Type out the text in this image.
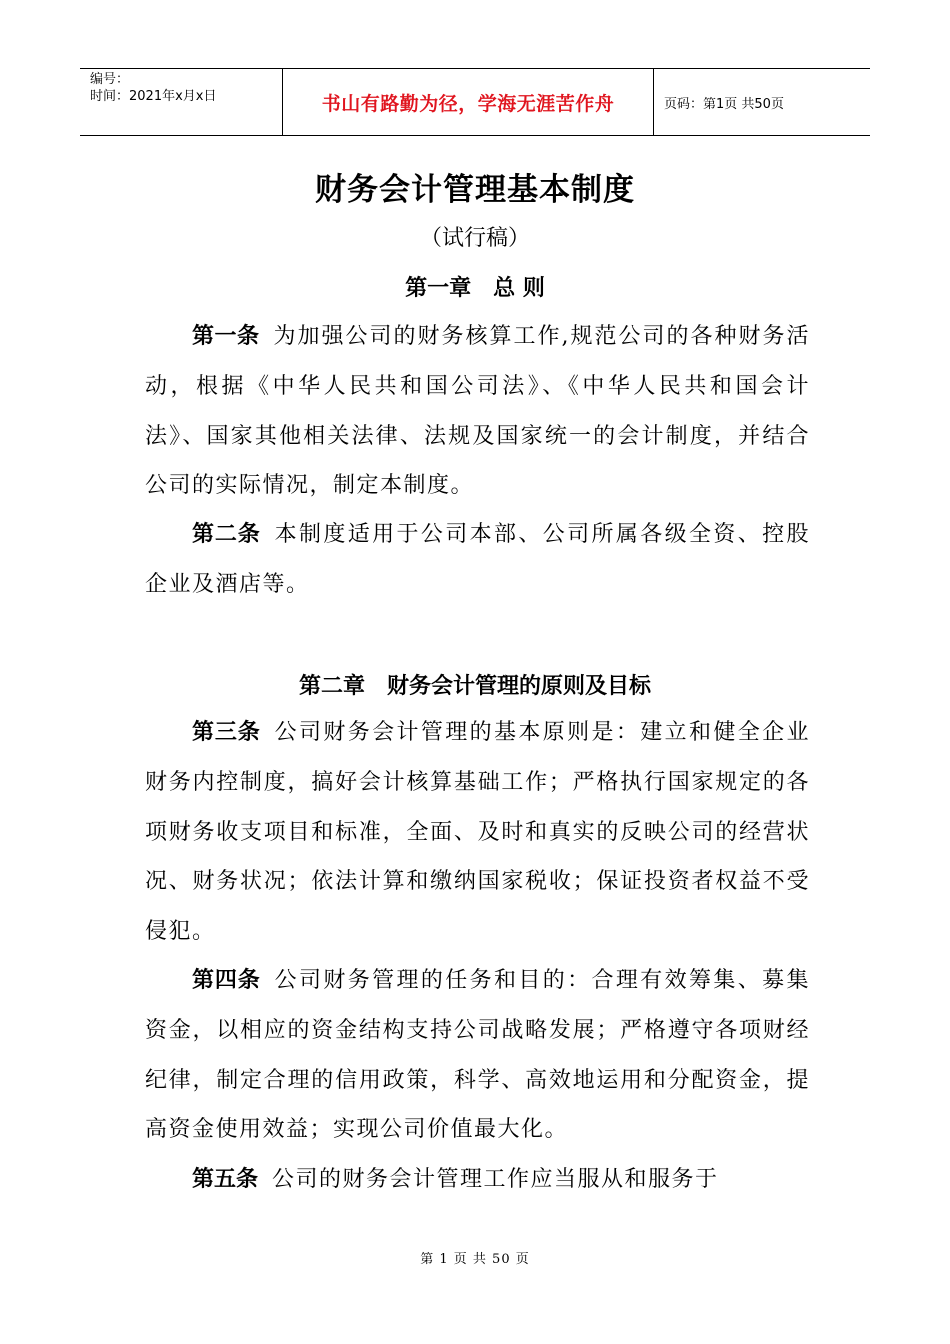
编号：
时间：2021年x月x日	书山有路勤为径，学海无涯苦作舟	页码：第1页 共50页
财务会计管理基本制度
（试行稿）
第一章　总 则
第一条 为加强公司的财务核算工作,规范公司的各种财务活动，根据《中华人民共和国公司法》、《中华人民共和国会计法》、国家其他相关法律、法规及国家统一的会计制度，并结合公司的实际情况，制定本制度。
第二条 本制度适用于公司本部、公司所属各级全资、控股企业及酒店等。
第二章　财务会计管理的原则及目标
第三条 公司财务会计管理的基本原则是：建立和健全企业财务内控制度，搞好会计核算基础工作；严格执行国家规定的各项财务收支项目和标准，全面、及时和真实的反映公司的经营状况、财务状况；依法计算和缴纳国家税收；保证投资者权益不受侵犯。
第四条 公司财务管理的任务和目的：合理有效筹集、募集资金，以相应的资金结构支持公司战略发展；严格遵守各项财经纪律，制定合理的信用政策，科学、高效地运用和分配资金，提高资金使用效益；实现公司价值最大化。
第五条 公司的财务会计管理工作应当服从和服务于
第 1 页 共 50 页
